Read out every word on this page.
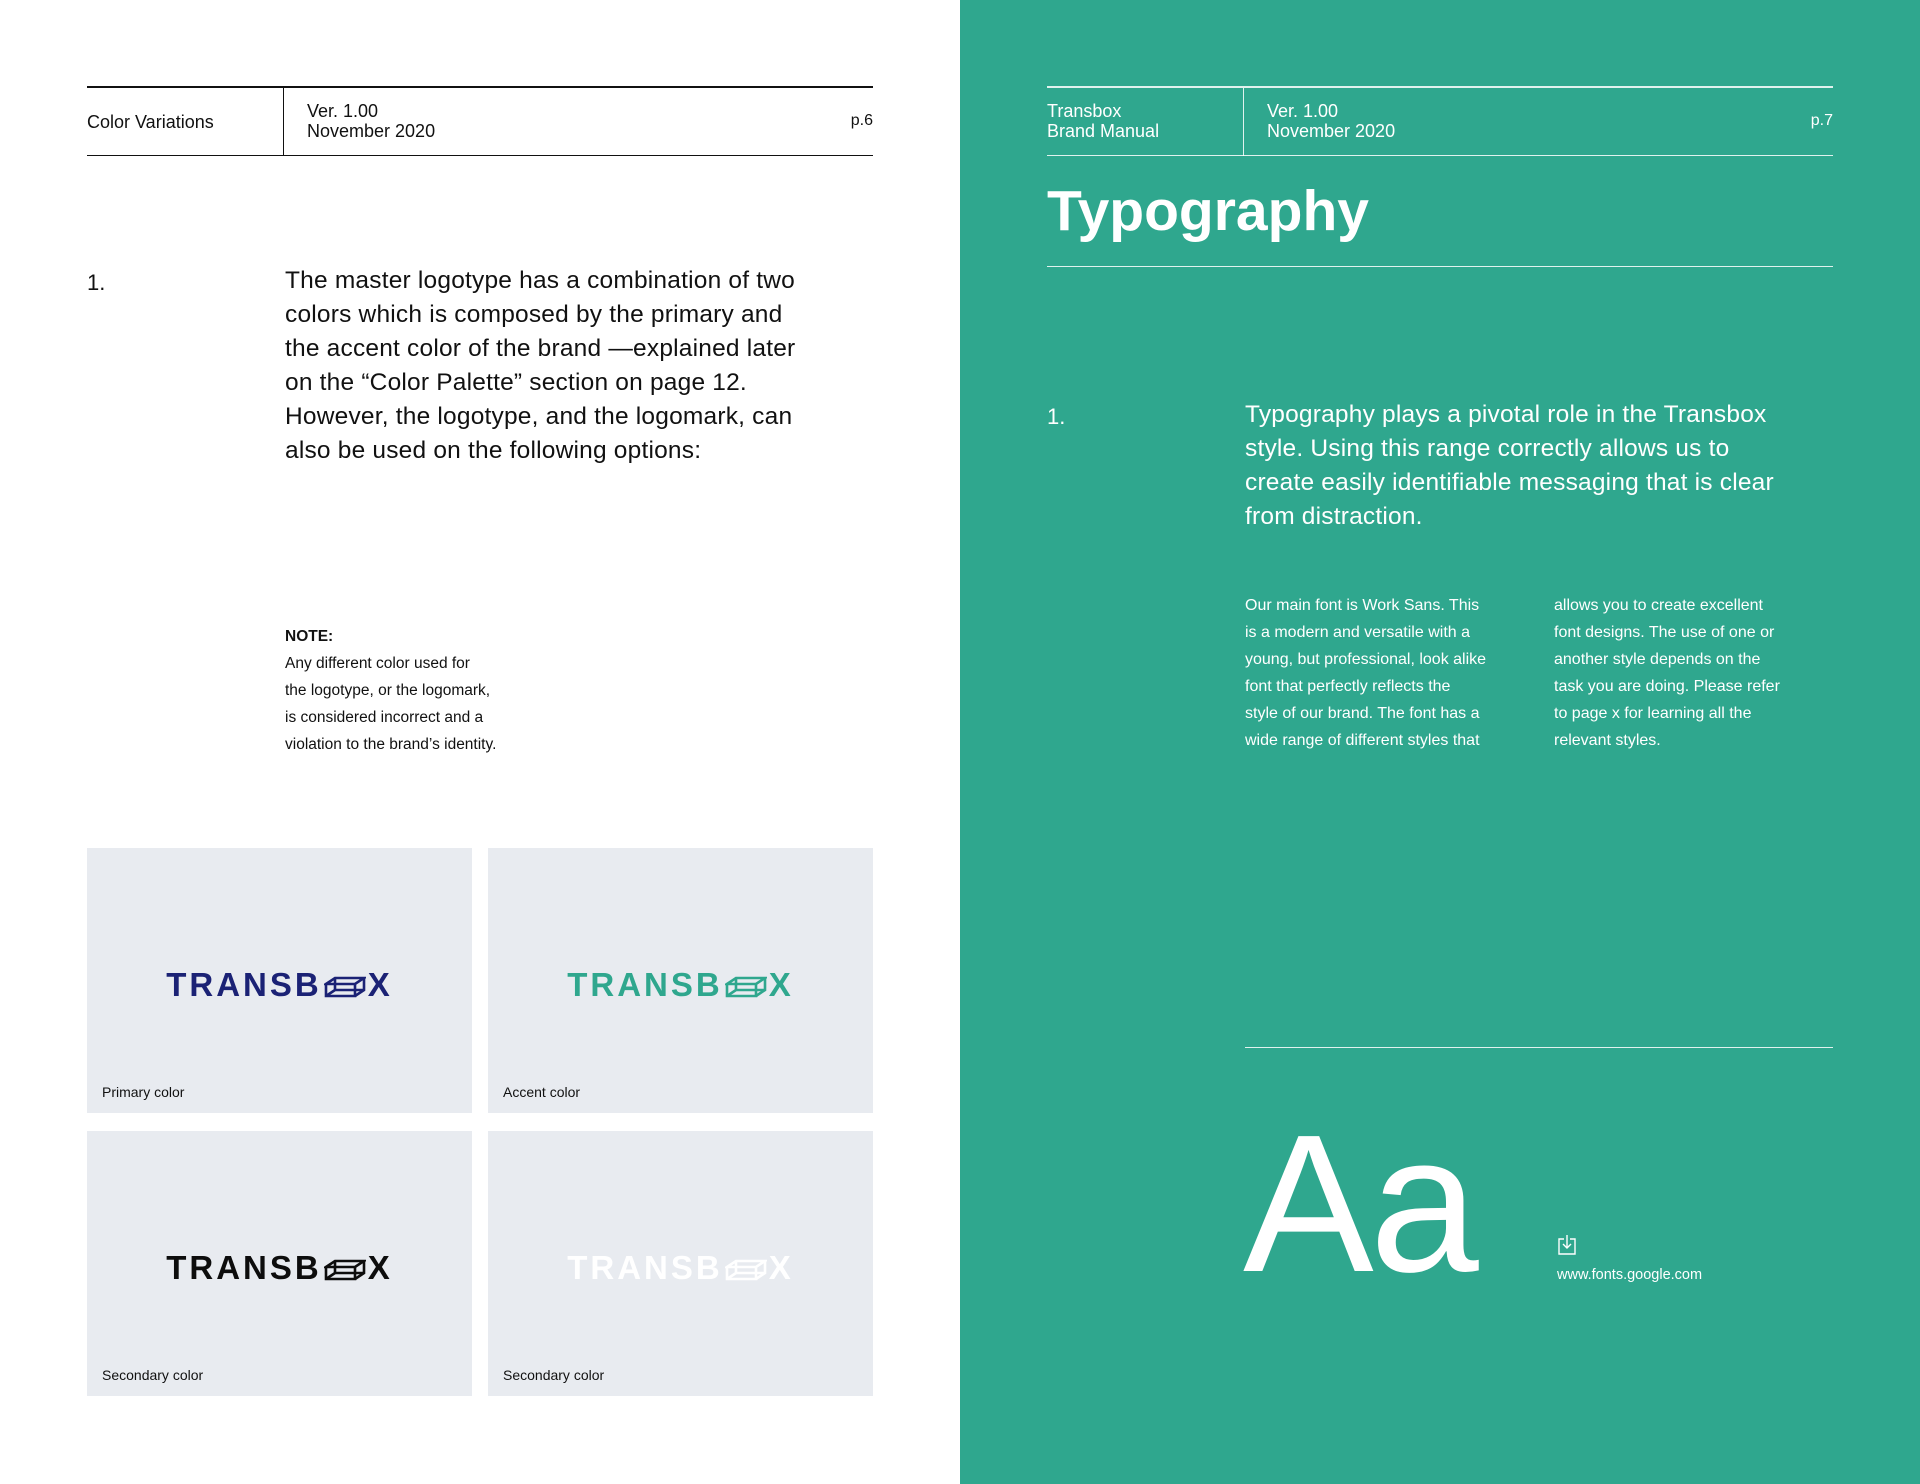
Color Variations
Ver. 1.00
November 2020
p.6
1.	The master logotype has a combination of two
colors which is composed by the primary and
the accent color of the brand —explained later
on the “Color Palette” section on page 12.
However, the logotype, and the logomark, can
also be used on the following options:
NOTE:
Any different color used for
the logotype, or the logomark,
is considered incorrect and a
violation to the brand’s identity.
TRANSB X
Primary color
TRANSB X
Accent color
TRANSB X
Secondary color
TRANSB X
Secondary color
Transbox
Brand Manual
Ver. 1.00
November 2020
p.7
Typography
1.	Typography plays a pivotal role in the Transbox
style. Using this range correctly allows us to
create easily identifiable messaging that is clear
from distraction.
Our main font is Work Sans. This
is a modern and versatile with a
young, but professional, look alike
font that perfectly reflects the
style of our brand. The font has a
wide range of different styles that
allows you to create excellent
font designs. The use of one or
another style depends on the
task you are doing. Please refer
to page x for learning all the
relevant styles.
Aa	www.fonts.google.com
